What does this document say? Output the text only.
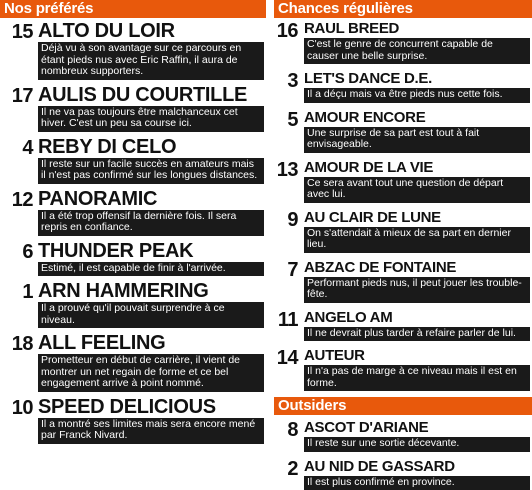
Nos préférés
15 ALTO DU LOIR
Déjà vu à son avantage sur ce parcours en étant pieds nus avec Eric Raffin, il aura de nombreux supporters.
17 AULIS DU COURTILLE
Il ne va pas toujours être malchanceux cet hiver. C'est un peu sa course ici.
4 REBY DI CELO
Il reste sur un facile succès en amateurs mais il n'est pas confirmé sur les longues distances.
12 PANORAMIC
Il a été trop offensif la dernière fois. Il sera repris en confiance.
6 THUNDER PEAK
Estimé, il est capable de finir à l'arrivée.
1 ARN HAMMERING
Il a prouvé qu'il pouvait surprendre à ce niveau.
18 ALL FEELING
Prometteur en début de carrière, il vient de montrer un net regain de forme et ce bel engagement arrive à point nommé.
10 SPEED DELICIOUS
Il a montré ses limites mais sera encore mené par Franck Nivard.
Chances régulières
16 RAUL BREED
C'est le genre de concurrent capable de causer une belle surprise.
3 LET'S DANCE D.E.
Il a déçu mais va être pieds nus cette fois.
5 AMOUR ENCORE
Une surprise de sa part est tout à fait envisageable.
13 AMOUR DE LA VIE
Ce sera avant tout une question de départ avec lui.
9 AU CLAIR DE LUNE
On s'attendait à mieux de sa part en dernier lieu.
7 ABZAC DE FONTAINE
Performant pieds nus, il peut jouer les trouble-fête.
11 ANGELO AM
Il ne devrait plus tarder à refaire parler de lui.
14 AUTEUR
Il n'a pas de marge à ce niveau mais il est en forme.
Outsiders
8 ASCOT D'ARIANE
Il reste sur une sortie décevante.
2 AU NID DE GASSARD
Il est plus confirmé en province.
